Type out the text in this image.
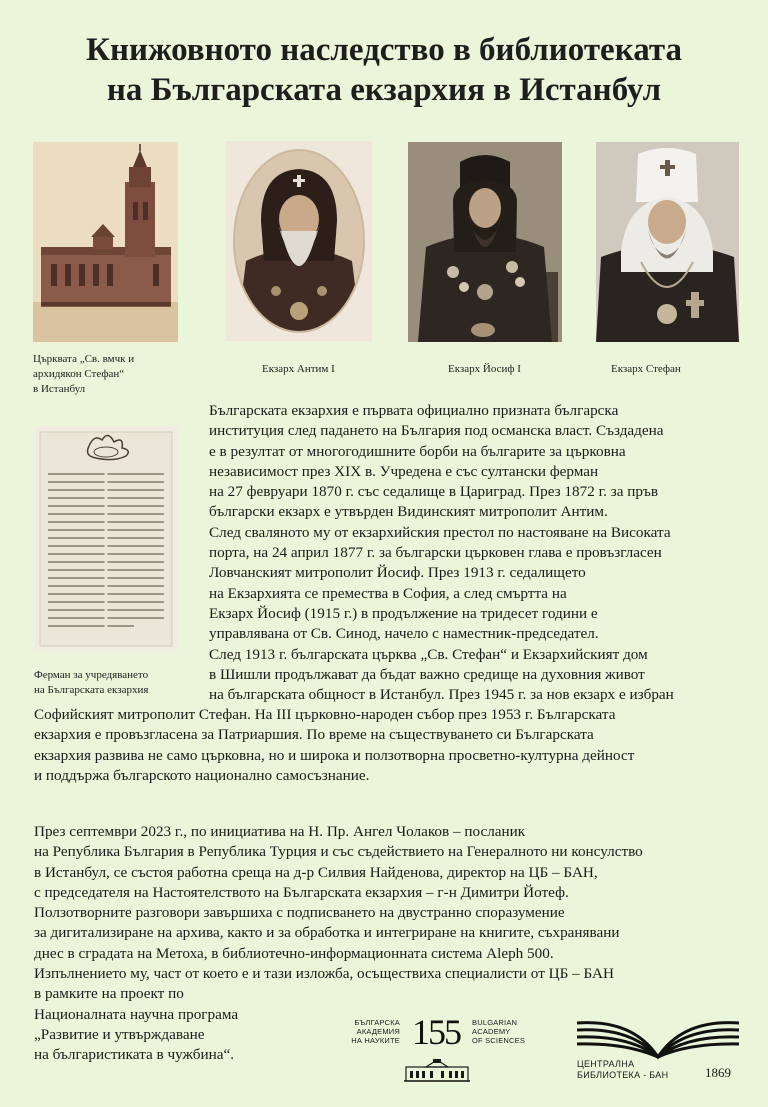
Книжовното наследство в библиотеката
на Българската екзархия в Истанбул
Църквата „Св. вмчк и
архидякон Стефан“
в Истанбул
Екзарх Антим I	Екзарх Йосиф I	Екзарх Стефан
Ферман за учредяването
на Българската екзархия
Българската екзархия е първата официално призната българска
институция след падането на България под османска власт. Създадена
е в резултат от многогодишните борби на българите за църковна
независимост през XIX в. Учредена е със султански ферман
на 27 февруари 1870 г. със седалище в Цариград. През 1872 г. за пръв
български екзарх е утвърден Видинският митрополит Антим.
След сваляното му от екзархийския престол по настояване на Високата
порта, на 24 април 1877 г. за български църковен глава е провъзгласен
Ловчанският митрополит Йосиф. През 1913 г. седалището
на Екзархията се премества в София, а след смъртта на
Екзарх Йосиф (1915 г.) в продължение на тридесет години е
управлявана от Св. Синод, начело с наместник-председател.
След 1913 г. българската църква „Св. Стефан“ и Екзархийският дом
в Шишли продължават да бъдат важно средище на духовния живот
на българската общност в Истанбул. През 1945 г. за нов екзарх е избран
Софийският митрополит Стефан. На III църковно-народен събор през 1953 г. Българската
екзархия е провъзгласена за Патриаршия. По време на съществуването си Българската
екзархия развива не само църковна, но и широка и ползотворна просветно-културна дейност
и поддържа българското национално самосъзнание.
През септември 2023 г., по инициатива на Н. Пр. Ангел Чолаков – посланик
на Република България в Република Турция и със съдействието на Генералното ни консулство
в Истанбул, се състоя работна среща на д-р Силвия Найденова, директор на ЦБ – БАН,
с председателя на Настоятелството на Българската екзархия – г-н Димитри Йотеф.
Ползотворните разговори завършиха с подписването на двустранно споразумение
за дигитализиране на архива, както и за обработка и интегриране на книгите, съхранявани
днес в сградата на Метоха, в библиотечно-информационната система Aleph 500.
Изпълнението му, част от което е и тази изложба, осъществиха специалисти от ЦБ – БАН
в рамките на проект по
Националната научна програма
„Развитие и утвърждаване
на българистиката в чужбина“.
БЪЛГАРСКА
АКАДЕМИЯ
НА НАУКИТЕ 155	BULGARIAN
ACADEMY
OF SCIENCES
ЦЕНТРАЛНА
БИБЛИОТЕКА - БАН	1869
